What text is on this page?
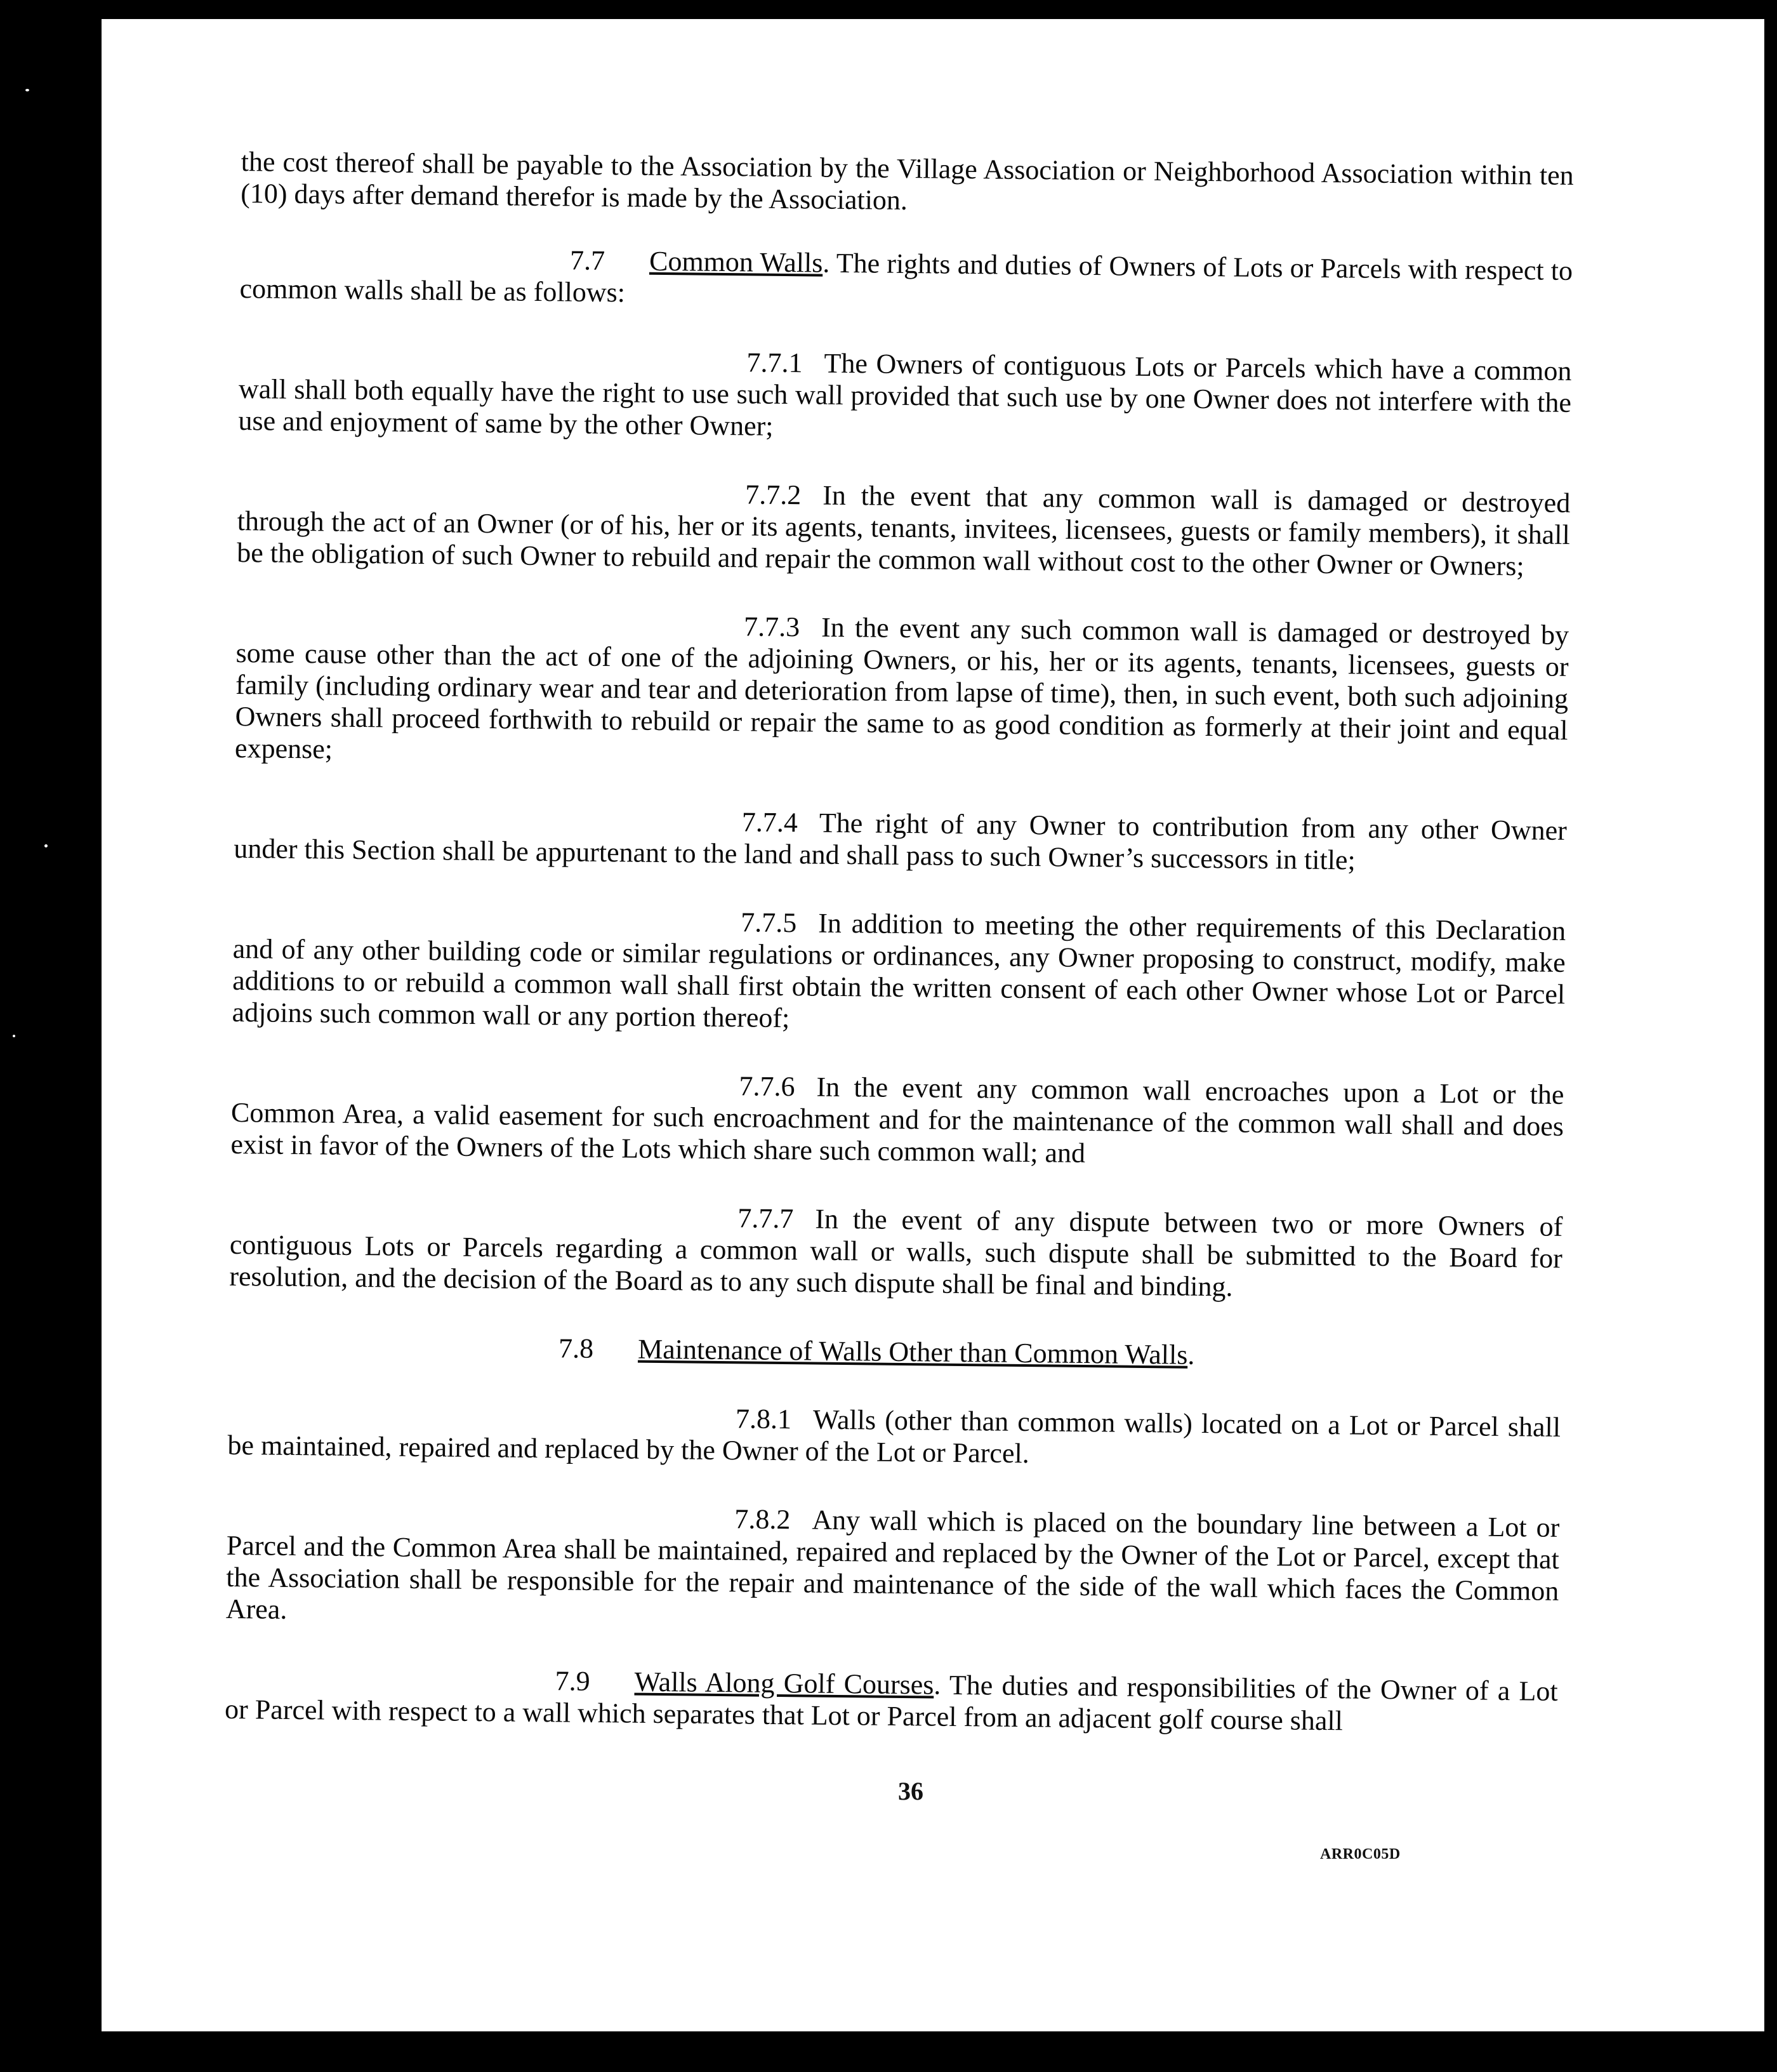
the cost thereof shall be payable to the Association by the Village Association or Neighborhood Association within ten (10) days after demand therefor is made by the Association.

7.7 Common Walls. The rights and duties of Owners of Lots or Parcels with respect to common walls shall be as follows:

7.7.1 The Owners of contiguous Lots or Parcels which have a common wall shall both equally have the right to use such wall provided that such use by one Owner does not interfere with the use and enjoyment of same by the other Owner;

7.7.2 In the event that any common wall is damaged or destroyed through the act of an Owner (or of his, her or its agents, tenants, invitees, licensees, guests or family members), it shall be the obligation of such Owner to rebuild and repair the common wall without cost to the other Owner or Owners;

7.7.3 In the event any such common wall is damaged or destroyed by some cause other than the act of one of the adjoining Owners, or his, her or its agents, tenants, licensees, guests or family (including ordinary wear and tear and deterioration from lapse of time), then, in such event, both such adjoining Owners shall proceed forthwith to rebuild or repair the same to as good condition as formerly at their joint and equal expense;

7.7.4 The right of any Owner to contribution from any other Owner under this Section shall be appurtenant to the land and shall pass to such Owner’s successors in title;

7.7.5 In addition to meeting the other requirements of this Declaration and of any other building code or similar regulations or ordinances, any Owner proposing to construct, modify, make additions to or rebuild a common wall shall first obtain the written consent of each other Owner whose Lot or Parcel adjoins such common wall or any portion thereof;

7.7.6 In the event any common wall encroaches upon a Lot or the Common Area, a valid easement for such encroachment and for the maintenance of the common wall shall and does exist in favor of the Owners of the Lots which share such common wall; and

7.7.7 In the event of any dispute between two or more Owners of contiguous Lots or Parcels regarding a common wall or walls, such dispute shall be submitted to the Board for resolution, and the decision of the Board as to any such dispute shall be final and binding.

7.8 Maintenance of Walls Other than Common Walls.

7.8.1 Walls (other than common walls) located on a Lot or Parcel shall be maintained, repaired and replaced by the Owner of the Lot or Parcel.

7.8.2 Any wall which is placed on the boundary line between a Lot or Parcel and the Common Area shall be maintained, repaired and replaced by the Owner of the Lot or Parcel, except that the Association shall be responsible for the repair and maintenance of the side of the wall which faces the Common Area.

7.9 Walls Along Golf Courses. The duties and responsibilities of the Owner of a Lot or Parcel with respect to a wall which separates that Lot or Parcel from an adjacent golf course shall

36
ARR0C05D
